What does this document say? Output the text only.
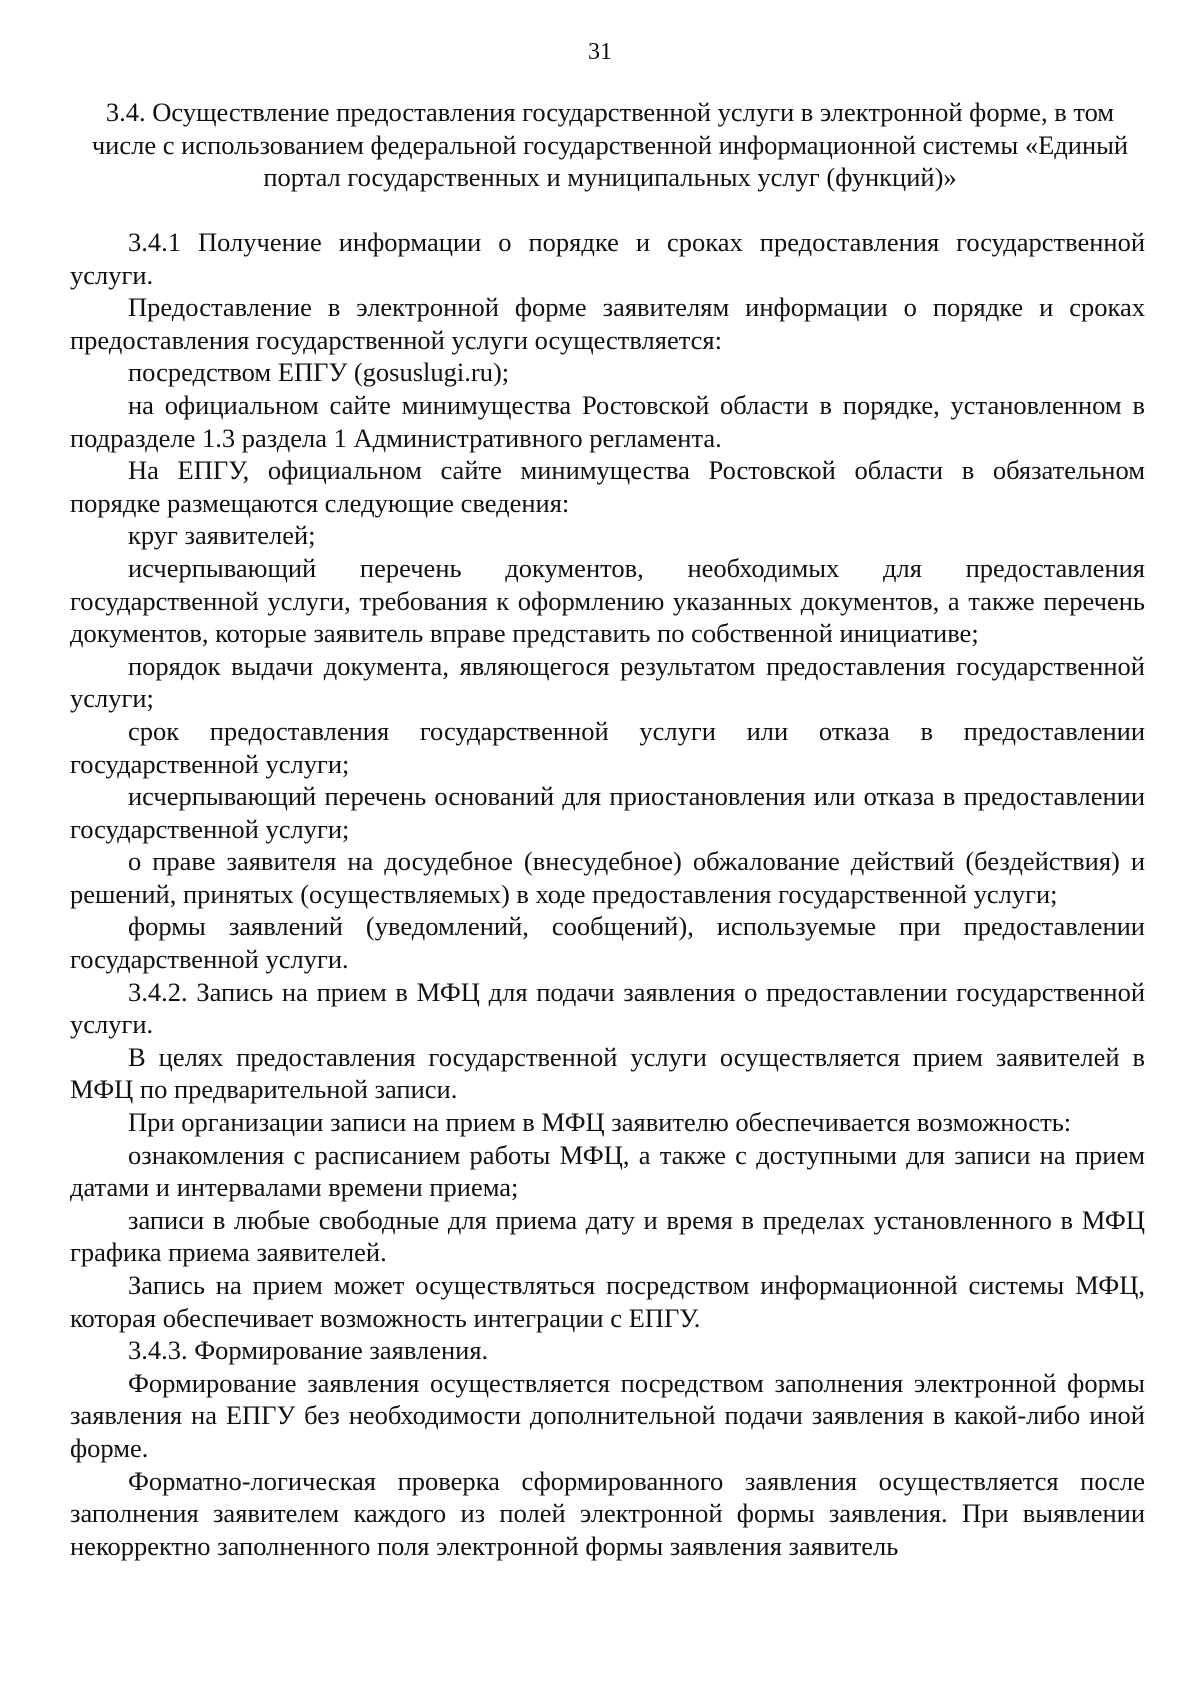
31
3.4. Осуществление предоставления государственной услуги в электронной форме, в том числе с использованием федеральной государственной информационной системы «Единый портал государственных и муниципальных услуг (функций)»

3.4.1 Получение информации о порядке и сроках предоставления государственной услуги.

Предоставление в электронной форме заявителям информации о порядке и сроках предоставления государственной услуги осуществляется:

посредством ЕПГУ (gosuslugi.ru);

на официальном сайте минимущества Ростовской области в порядке, установленном в подразделе 1.3 раздела 1 Административного регламента.

На ЕПГУ, официальном сайте минимущества Ростовской области в обязательном порядке размещаются следующие сведения:

круг заявителей;

исчерпывающий перечень документов, необходимых для предоставления государственной услуги, требования к оформлению указанных документов, а также перечень документов, которые заявитель вправе представить по собственной инициативе;

порядок выдачи документа, являющегося результатом предоставления государственной услуги;

срок предоставления государственной услуги или отказа в предоставлении государственной услуги;

исчерпывающий перечень оснований для приостановления или отказа в предоставлении государственной услуги;

о праве заявителя на досудебное (внесудебное) обжалование действий (бездействия) и решений, принятых (осуществляемых) в ходе предоставления государственной услуги;

формы заявлений (уведомлений, сообщений), используемые при предоставлении государственной услуги.

3.4.2. Запись на прием в МФЦ для подачи заявления о предоставлении государственной услуги.

В целях предоставления государственной услуги осуществляется прием заявителей в МФЦ по предварительной записи.

При организации записи на прием в МФЦ заявителю обеспечивается возможность:

ознакомления с расписанием работы МФЦ, а также с доступными для записи на прием датами и интервалами времени приема;

записи в любые свободные для приема дату и время в пределах установленного в МФЦ графика приема заявителей.

Запись на прием может осуществляться посредством информационной системы МФЦ, которая обеспечивает возможность интеграции с ЕПГУ.

3.4.3. Формирование заявления.

Формирование заявления осуществляется посредством заполнения электронной формы заявления на ЕПГУ без необходимости дополнительной подачи заявления в какой-либо иной форме.

Форматно-логическая проверка сформированного заявления осуществляется после заполнения заявителем каждого из полей электронной формы заявления. При выявлении некорректно заполненного поля электронной формы заявления заявитель
